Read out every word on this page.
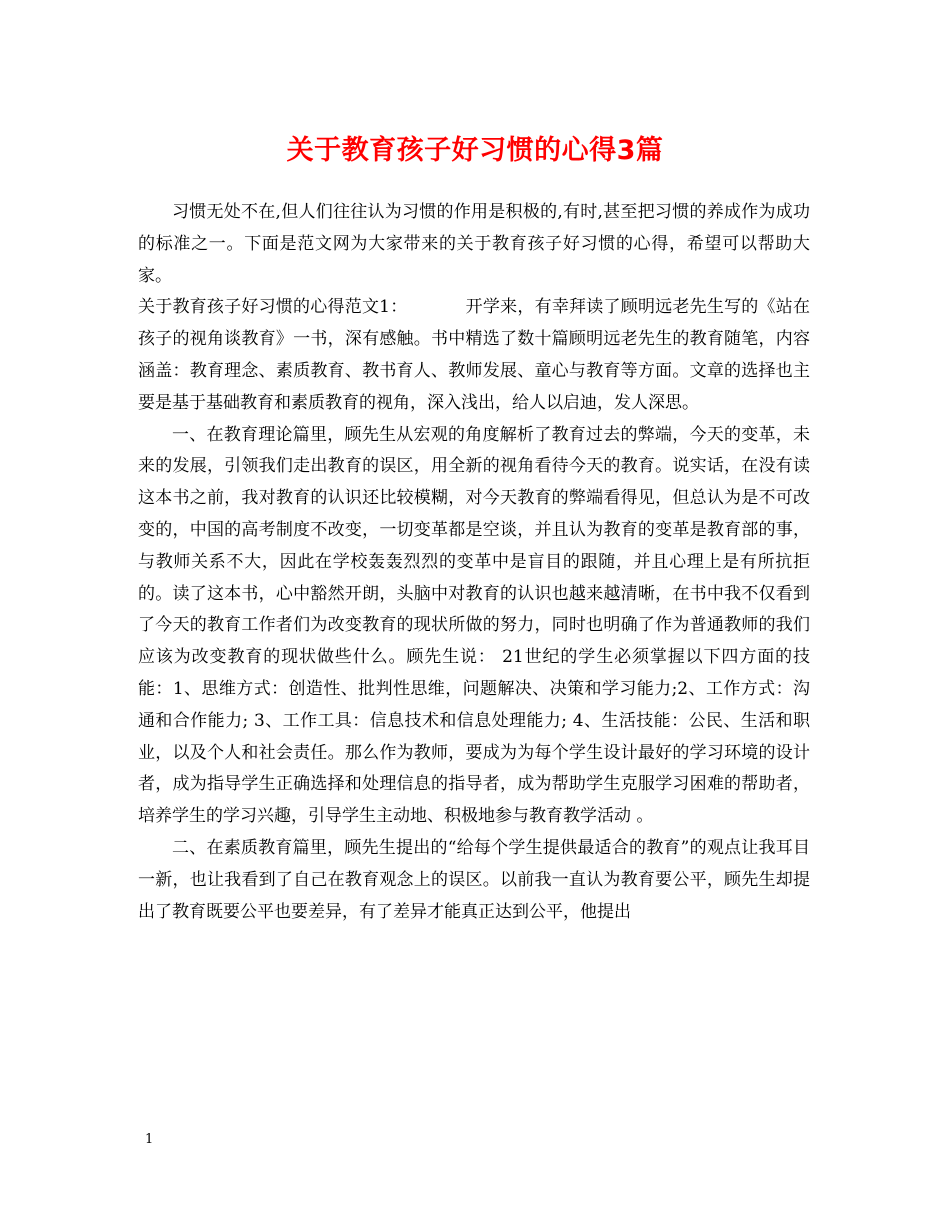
关于教育孩子好习惯的心得3篇

习惯无处不在,但人们往往认为习惯的作用是积极的,有时,甚至把习惯的养成作为成功的标准之一。下面是范文网为大家带来的关于教育孩子好习惯的心得，希望可以帮助大家。

关于教育孩子好习惯的心得范文1：	开学来，有幸拜读了顾明远老先生写的《站在孩子的视角谈教育》一书，深有感触。书中精选了数十篇顾明远老先生的教育随笔，内容涵盖：教育理念、素质教育、教书育人、教师发展、童心与教育等方面。文章的选择也主要是基于基础教育和素质教育的视角，深入浅出，给人以启迪，发人深思。

一、在教育理论篇里，顾先生从宏观的角度解析了教育过去的弊端，今天的变革，未来的发展，引领我们走出教育的误区，用全新的视角看待今天的教育。说实话，在没有读这本书之前，我对教育的认识还比较模糊，对今天教育的弊端看得见，但总认为是不可改变的，中国的高考制度不改变，一切变革都是空谈，并且认为教育的变革是教育部的事，与教师关系不大，因此在学校轰轰烈烈的变革中是盲目的跟随，并且心理上是有所抗拒的。读了这本书，心中豁然开朗，头脑中对教育的认识也越来越清晰，在书中我不仅看到了今天的教育工作者们为改变教育的现状所做的努力，同时也明确了作为普通教师的我们应该为改变教育的现状做些什么。顾先生说： 21世纪的学生必须掌握以下四方面的技能：1、思维方式：创造性、批判性思维，问题解决、决策和学习能力;2、工作方式：沟通和合作能力; 3、工作工具：信息技术和信息处理能力; 4、生活技能：公民、生活和职业，以及个人和社会责任。那么作为教师，要成为为每个学生设计最好的学习环境的设计者，成为指导学生正确选择和处理信息的指导者，成为帮助学生克服学习困难的帮助者，培养学生的学习兴趣，引导学生主动地、积极地参与教育教学活动 。

二、在素质教育篇里，顾先生提出的“给每个学生提供最适合的教育”的观点让我耳目一新，也让我看到了自己在教育观念上的误区。以前我一直认为教育要公平，顾先生却提出了教育既要公平也要差异，有了差异才能真正达到公平，他提出

1
